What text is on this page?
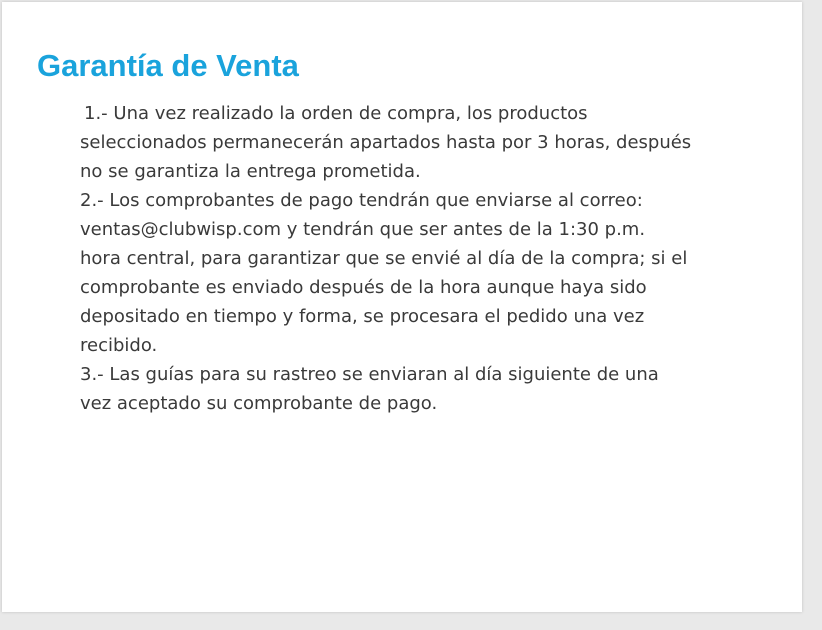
Garantía de Venta
1.- Una vez realizado la orden de compra, los productos
seleccionados permanecerán apartados hasta por 3 horas, después
no se garantiza la entrega prometida.
2.- Los comprobantes de pago tendrán que enviarse al correo:
ventas@clubwisp.com y tendrán que ser antes de la 1:30 p.m.
hora central, para garantizar que se envié al día de la compra; si el
comprobante es enviado después de la hora aunque haya sido
depositado en tiempo y forma, se procesara el pedido una vez
recibido.
3.- Las guías para su rastreo se enviaran al día siguiente de una
vez aceptado su comprobante de pago.
